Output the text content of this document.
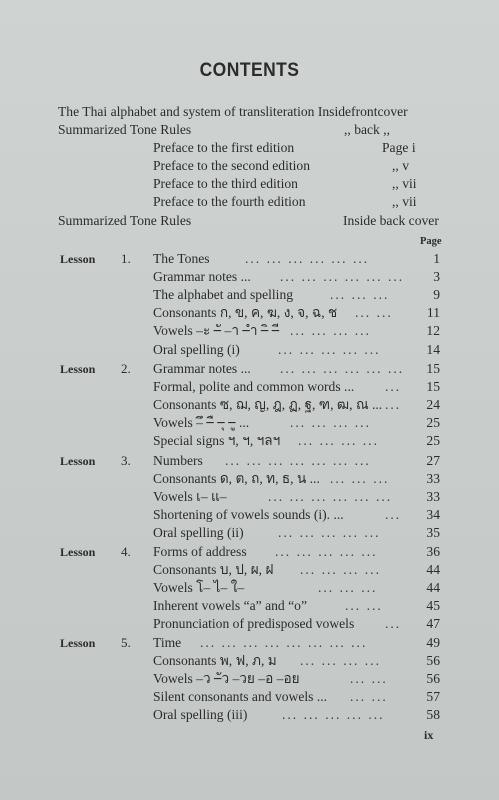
CONTENTS
The Thai alphabet and system of transliteration Insidefrontcover
Summarized Tone Rules	,, back ,,
Preface to the first edition	Page i
Preface to the second edition	,, v
Preface to the third edition	,, vii
Preface to the fourth edition	,, vii
Summarized Tone Rules	Inside back cover
Page
Lesson 1. The Tones	... ... ... ... ... ...	1
Grammar notes ... ... ... ... ... ... ...	3
The alphabet and spelling	... ... ...	9
Consonants ก, ข, ค, ฆ, ง, จ, ฉ, ช ... ...	11
Vowels –ะ –ั –า –ำ –ิ –ี ... ... ... ...	12
Oral spelling (i)	... ... ... ... ...	14
Lesson 2. Grammar notes ... ... ... ... ... ... ...	15
Formal, polite and common words ... ...	15
Consonants ซ, ฌ, ญ, ฎ, ฏ, ฐ, ฑ, ฒ, ณ ... ...	24
Vowels –ึ –ื –ุ –ู ...	... ... ... ...	25
Special signs ฯ, ฯ, ฯลฯ ... ... ... ...	25
Lesson 3. Numbers ... ... ... ... ... ... ...	27
Consonants ด, ต, ถ, ท, ธ, น ... ... ... ...	33
Vowels เ– แ–	... ... ... ... ... ...	33
Shortening of vowels sounds (i). ...	...	34
Oral spelling (ii)	... ... ... ... ...	35
Lesson 4. Forms of address ... ... ... ... ...	36
Consonants บ, ป, ผ, ฝ ... ... ... ...	44
Vowels โ– ไ– ใ–	... ... ...	44
Inherent vowels “a” and “o”	... ...	45
Pronunciation of predisposed vowels ...	47
Lesson 5. Time ... ... ... ... ... ... ... ...	49
Consonants พ, ฟ, ภ, ม ... ... ... ...	56
Vowels –ว –ัว –วย –อ –อย	... ...	56
Silent consonants and vowels ... ... ...	57
Oral spelling (iii)	... ... ... ... ...	58
ix
